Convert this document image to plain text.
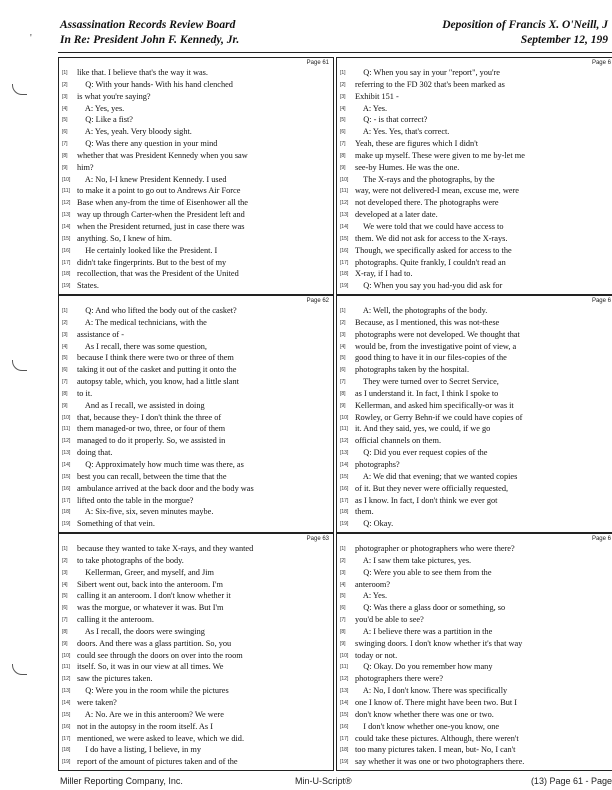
'
Assassination Records Review Board
In Re: President John F. Kennedy, Jr.
Deposition of Francis X. O'Neill, J
September 12, 199
Page 61
[1]	like that. I believe that's the way it was.
[2]	Q: With your hands- With his hand clenched
[3]	is what you're saying?
[4]	A: Yes, yes.
[5]	Q: Like a fist?
[6]	A: Yes, yeah. Very bloody sight.
[7]	Q: Was there any question in your mind
[8]	whether that was President Kennedy when you saw
[9]	him?
[10] A: No, I-I knew President Kennedy. I used
[11] to make it a point to go out to Andrews Air Force
[12] Base when any-from the time of Eisenhower all the
[13] way up through Carter-when the President left and
[14] when the President returned, just in case there was
[15] anything. So, I knew of him.
[16] He certainly looked like the President. I
[17] didn't take fingerprints. But to the best of my
[18] recollection, that was the President of the United
[19] States.
Page 6
[1]	Q: When you say in your "report", you're
[2]	referring to the FD 302 that's been marked as
[3]	Exhibit 151 -
[4]	A: Yes.
[5]	Q: - is that correct?
[6]	A: Yes. Yes, that's correct.
[7]	Yeah, these are figures which I didn't
[8]	make up myself. These were given to me by-let me
[9]	see-by Humes. He was the one.
[10] The X-rays and the photographs, by the
[11] way, were not delivered-I mean, excuse me, were
[12] not developed there. The photographs were
[13] developed at a later date.
[14] We were told that we could have access to
[15] them. We did not ask for access to the X-rays.
[16] Though, we specifically asked for access to the
[17] photographs. Quite frankly, I couldn't read an
[18] X-ray, if I had to.
[19] Q: When you say you had-you did ask for
Page 62
[1]	Q: And who lifted the body out of the casket?
[2]	A: The medical technicians, with the
[3]	assistance of -
[4]	As I recall, there was some question,
[5]	because I think there were two or three of them
[6]	taking it out of the casket and putting it onto the
[7]	autopsy table, which, you know, had a little slant
[8]	to it.
[9]	And as I recall, we assisted in doing
[10] that, because they- I don't think the three of
[11] them managed-or two, three, or four of them
[12] managed to do it properly. So, we assisted in
[13] doing that.
[14] Q: Approximately how much time was there, as
[15] best you can recall, between the time that the
[16] ambulance arrived at the back door and the body was
[17] lifted onto the table in the morgue?
[18] A: Six-five, six, seven minutes maybe.
[19] Something of that vein.
Page 6
[1]	A: Well, the photographs of the body.
[2]	Because, as I mentioned, this was not-these
[3]	photographs were not developed. We thought that
[4]	would be, from the investigative point of view, a
[5]	good thing to have it in our files-copies of the
[6]	photographs taken by the hospital.
[7]	They were turned over to Secret Service,
[8]	as I understand it. In fact, I think I spoke to
[9]	Kellerman, and asked him specifically-or was it
[10] Rowley, or Gerry Behn-if we could have copies of
[11] it. And they said, yes, we could, if we go
[12] official channels on them.
[13] Q: Did you ever request copies of the
[14] photographs?
[15] A: We did that evening; that we wanted copies
[16] of it. But they never were officially requested,
[17] as I know. In fact, I don't think we ever got
[18] them.
[19] Q: Okay.
Page 63
[1]	because they wanted to take X-rays, and they wanted
[2]	to take photographs of the body.
[3]	Kellerman, Greer, and myself, and Jim
[4]	Sibert went out, back into the anteroom. I'm
[5]	calling it an anteroom. I don't know whether it
[6]	was the morgue, or whatever it was. But I'm
[7]	calling it the anteroom.
[8]	As I recall, the doors were swinging
[9]	doors. And there was a glass partition. So, you
[10] could see through the doors on over into the room
[11] itself. So, it was in our view at all times. We
[12] saw the pictures taken.
[13] Q: Were you in the room while the pictures
[14] were taken?
[15] A: No. Are we in this anteroom? We were
[16] not in the autopsy in the room itself. As I
[17] mentioned, we were asked to leave, which we did.
[18] I do have a listing, I believe, in my
[19] report of the amount of pictures taken and of the
Page 6
[1]	photographer or photographers who were there?
[2]	A: I saw them take pictures, yes.
[3]	Q: Were you able to see them from the
[4]	anteroom?
[5]	A: Yes.
[6]	Q: Was there a glass door or something, so
[7]	you'd be able to see?
[8]	A: I believe there was a partition in the
[9]	swinging doors. I don't know whether it's that way
[10] today or not.
[11] Q: Okay. Do you remember how many
[12] photographers there were?
[13] A: No, I don't know. There was specifically
[14] one I know of. There might have been two. But I
[15] don't know whether there was one or two.
[16] I don't know whether one-you know, one
[17] could take these pictures. Although, there weren't
[18] too many pictures taken. I mean, but- No, I can't
[19] say whether it was one or two photographers there.
Miller Reporting Company, Inc.	Min-U-Script®	(13) Page 61 - Page
